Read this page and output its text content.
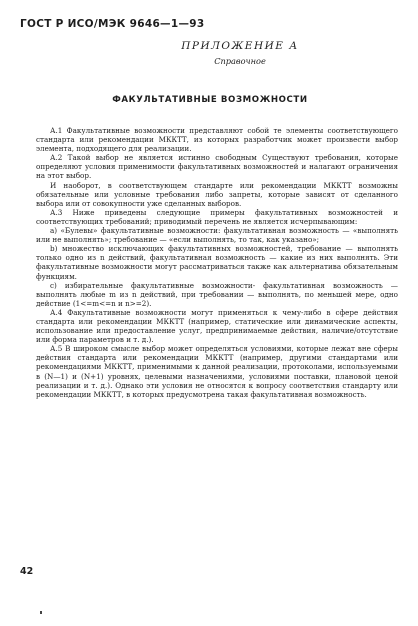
ГОСТ Р ИСО/МЭК 9646—1—93
ПРИЛОЖЕНИЕ А
Справочное
ФАКУЛЬТАТИВНЫЕ ВОЗМОЖНОСТИ

А.1 Факультативные возможности представляют собой те элементы соответствующего стандарта или рекомендации МККТТ, из которых разработчик может произвести выбор элемента, подходящего для реализации.

А.2 Такой выбор не является истинно свободным Существуют требования, которые определяют условия применимости факультативных возможностей и налагают ограничения на этот выбор.

И наоборот, в соответствующем стандарте или рекомендации МККТТ возможны обязательные или условные требования либо запреты, которые зависят от сделанного выбора или от совокупности уже сделанных выборов.

А.3 Ниже приведены следующие примеры факультативных возможностей и соответствующих требований; приводимый перечень не является исчерпывающим:

а) «Булевы» факультативные возможности: факультативная возможность — «выполнять или не выполнять»; требование — «если выполнять, то так, как указано»;

b) множество исключающих факультативных возможностей, требование — выполнять только одно из n действий, факультативная возможность — какие из них выполнять. Эти факультативные возможности могут рассматриваться также как альтернатива обязательным функциям.

с) избирательные факультативные возможности- факультативная возможность — выполнять любые m из n действий, при требовании — выполнять, по меньшей мере, одно действие (1<=m<=n и n>=2).

А.4 Факультативные возможности могут применяться к чему-либо в сфере действия стандарта или рекомендации МККТТ (например, статические или динамические аспекты, использование или предоставление услуг, предпринимаемые действия, наличие/отсутствие или форма параметров и т. д.).

А.5 В широком смысле выбор может определяться условиями, которые лежат вне сферы действия стандарта или рекомендации МККТТ (например, другими стандартами или рекомендациями МККТТ, применимыми к данной реализации, протоколами, используемыми в (N—1) и (N+1) уровнях, целевыми назначениями, условиями поставки, плановой ценой реализации и т. д.). Однако эти условия не относятся к вопросу соответствия стандарту или рекомендации МККТТ, в которых предусмотрена такая факультативная возможность.

42
